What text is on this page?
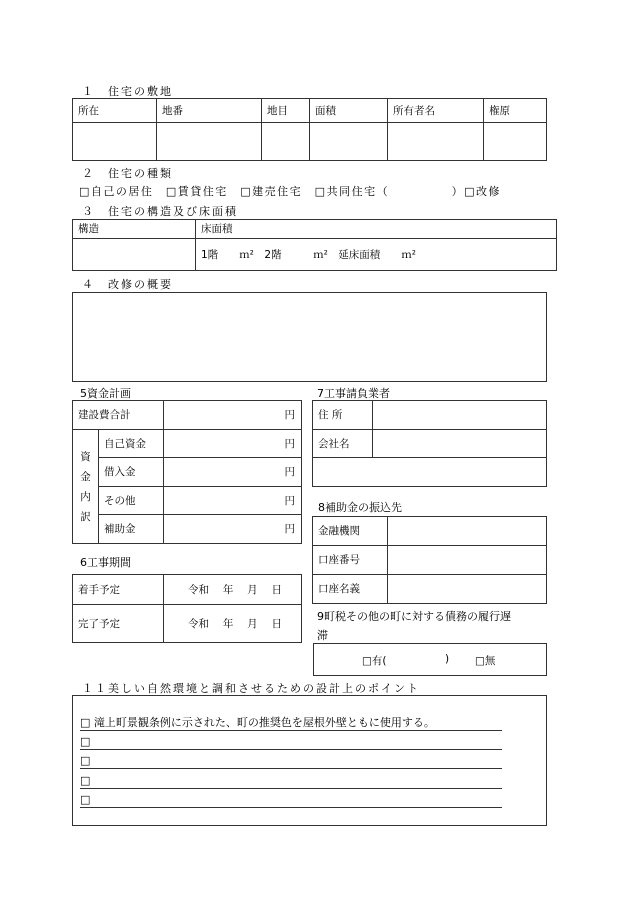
１　住宅の敷地
所在	地番	地目	面積	所有者名	権原

２　住宅の種類
□自己の居住　□賃貸住宅　□建売住宅　□共同住宅（　　　　　）□改修
３　住宅の構造及び床面積
構造	床面積
	1階　　ｍ²　2階　　　ｍ²　延床面積　　ｍ²
４　改修の概要
5資金計画
建設費合計		円
資
金
内
訳	自己資金	円
	借入金	円
	その他	円
	補助金	円
6工事期間
着手予定	令和　 年 　月 　日
完了予定	令和　 年 　月 　日
7工事請負業者
住 所	
会社名	

8補助金の振込先
金融機関	
口座番号	
口座名義	
9町税その他の町に対する債務の履行遅
滞
□有(	) □無
１１美しい自然環境と調和させるための設計上のポイント
□ 滝上町景観条例に示された、町の推奨色を屋根外壁ともに使用する。
□
□
□
□
